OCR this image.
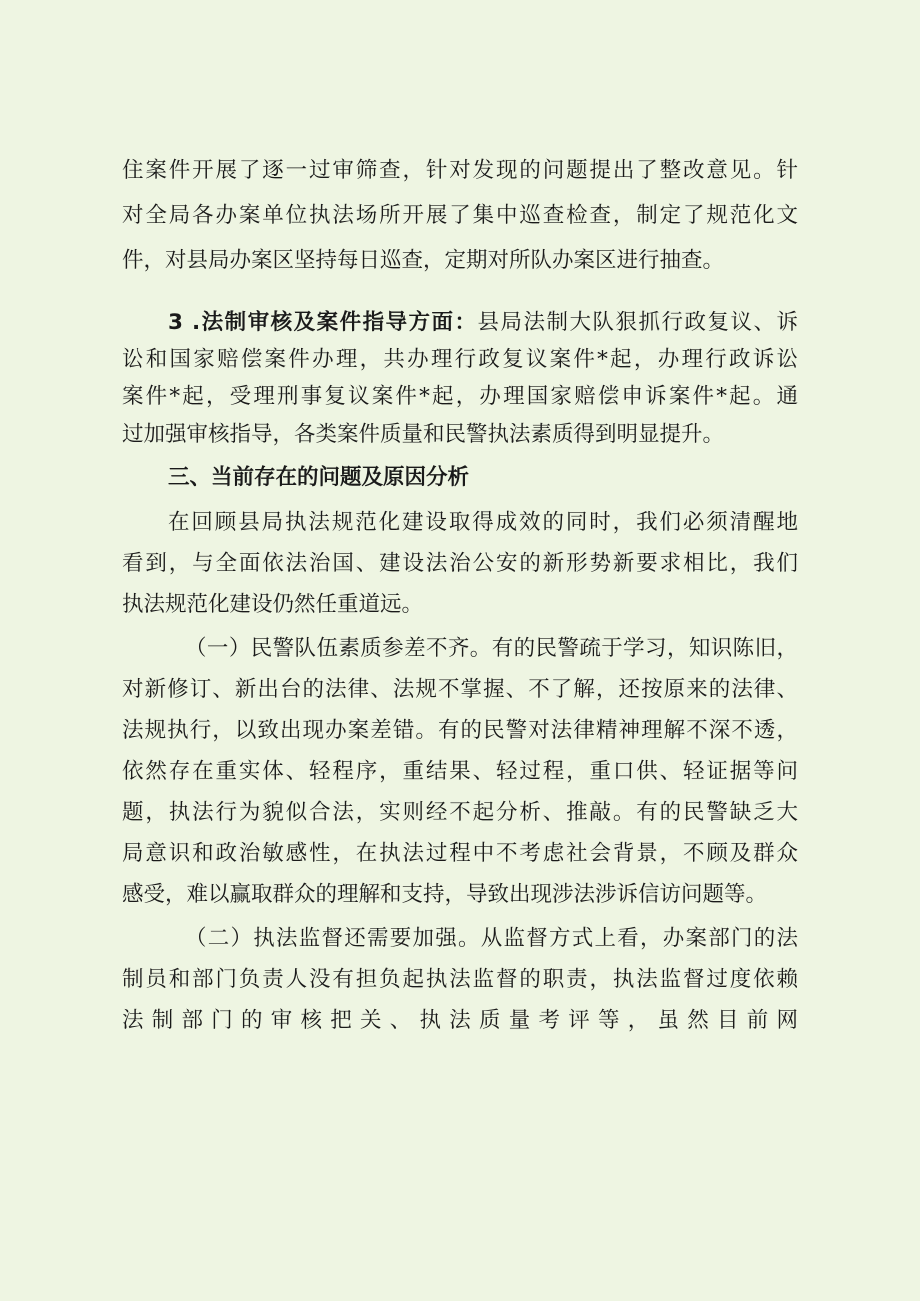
住案件开展了逐一过审筛查，针对发现的问题提出了整改意见。针
对全局各办案单位执法场所开展了集中巡查检查，制定了规范化文
件，对县局办案区坚持每日巡查，定期对所队办案区进行抽查。
3 .法制审核及案件指导方面：县局法制大队狠抓行政复议、诉
讼和国家赔偿案件办理，共办理行政复议案件*起，办理行政诉讼
案件*起，受理刑事复议案件*起，办理国家赔偿申诉案件*起。通
过加强审核指导，各类案件质量和民警执法素质得到明显提升。
三、当前存在的问题及原因分析
在回顾县局执法规范化建设取得成效的同时，我们必须清醒地
看到，与全面依法治国、建设法治公安的新形势新要求相比，我们
执法规范化建设仍然任重道远。
（一）民警队伍素质参差不齐。有的民警疏于学习，知识陈旧，
对新修订、新出台的法律、法规不掌握、不了解，还按原来的法律、
法规执行，以致出现办案差错。有的民警对法律精神理解不深不透，
依然存在重实体、轻程序，重结果、轻过程，重口供、轻证据等问
题，执法行为貌似合法，实则经不起分析、推敲。有的民警缺乏大
局意识和政治敏感性，在执法过程中不考虑社会背景，不顾及群众
感受，难以赢取群众的理解和支持，导致出现涉法涉诉信访问题等。
（二）执法监督还需要加强。从监督方式上看，办案部门的法
制员和部门负责人没有担负起执法监督的职责，执法监督过度依赖
法制部门的审核把关、执法质量考评等，虽然目前网
